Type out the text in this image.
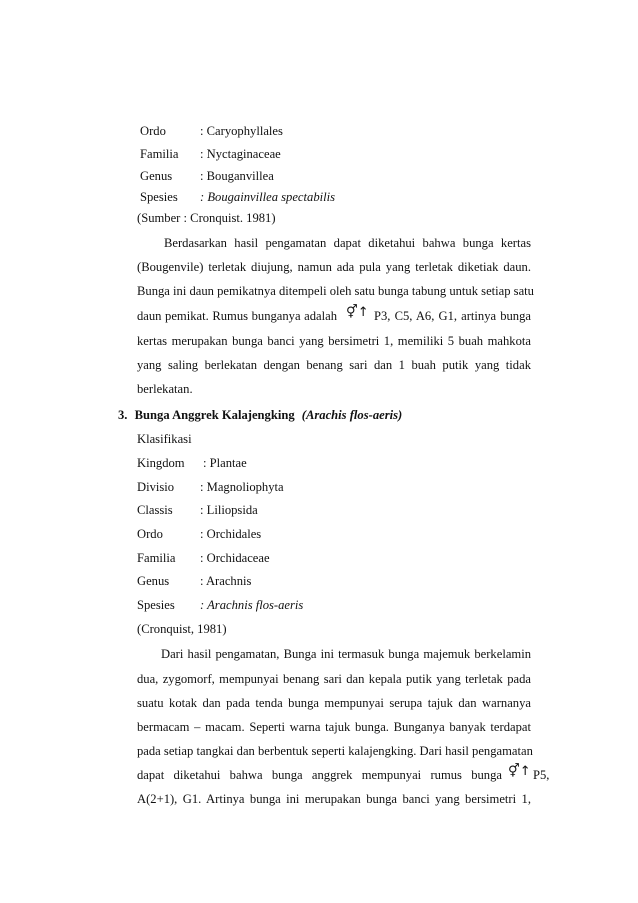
Ordo	: Caryophyllales
Familia : Nyctaginaceae
Genus : Bouganvillea
Spesies : Bougainvillea spectabilis
(Sumber : Cronquist. 1981)
Berdasarkan hasil pengamatan dapat diketahui bahwa bunga kertas
(Bougenvile) terletak diujung, namun ada pula yang terletak diketiak daun.
Bunga ini daun pemikatnya ditempeli oleh satu bunga tabung untuk setiap satu
daun pemikat. Rumus bunganya adalah ⚥↑ P3, C5, A6, G1, artinya bunga
kertas merupakan bunga banci yang bersimetri 1, memiliki 5 buah mahkota
yang saling berlekatan dengan benang sari dan 1 buah putik yang tidak
berlekatan.
3. Bunga Anggrek Kalajengking (Arachis flos-aeris)
Klasifikasi
Kingdom : Plantae
Divisio : Magnoliophyta
Classis : Liliopsida
Ordo	: Orchidales
Familia : Orchidaceae
Genus : Arachnis
Spesies : Arachnis flos-aeris
(Cronquist, 1981)
Dari hasil pengamatan, Bunga ini termasuk bunga majemuk berkelamin
dua, zygomorf, mempunyai benang sari dan kepala putik yang terletak pada
suatu kotak dan pada tenda bunga mempunyai serupa tajuk dan warnanya
bermacam – macam. Seperti warna tajuk bunga. Bunganya banyak terdapat
pada setiap tangkai dan berbentuk seperti kalajengking. Dari hasil pengamatan
dapat diketahui bahwa bunga anggrek mempunyai rumus bunga ⚥↑ P5,
A(2+1), G1. Artinya bunga ini merupakan bunga banci yang bersimetri 1,
